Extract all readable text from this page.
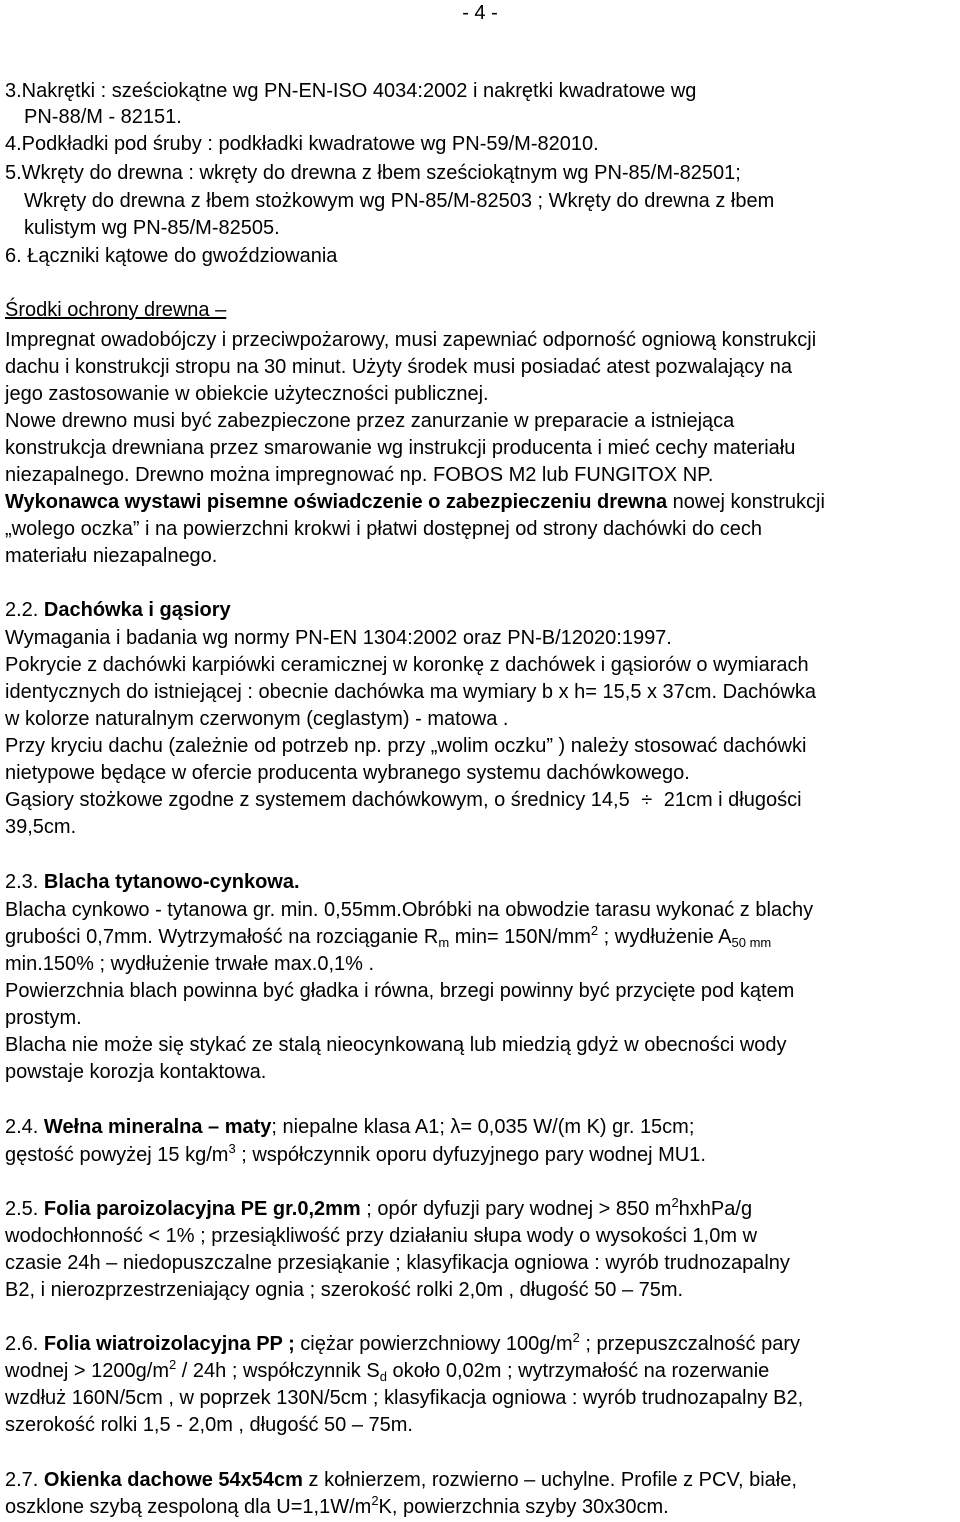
- 4 -
3.Nakrętki : sześciokątne wg PN-EN-ISO 4034:2002 i nakrętki kwadratowe wg
PN-88/M - 82151.
4.Podkładki pod śruby : podkładki kwadratowe wg PN-59/M-82010.
5.Wkręty do drewna : wkręty do drewna z łbem sześciokątnym wg PN-85/M-82501;
Wkręty do drewna z łbem stożkowym wg PN-85/M-82503 ; Wkręty do drewna z łbem
kulistym wg PN-85/M-82505.
6. Łączniki kątowe do gwoździowania
Środki ochrony drewna –
Impregnat owadobójczy i przeciwpożarowy, musi zapewniać odporność ogniową konstrukcji
dachu i konstrukcji stropu na 30 minut. Użyty środek musi posiadać atest pozwalający na
jego zastosowanie w obiekcie użyteczności publicznej.
Nowe drewno musi być zabezpieczone przez zanurzanie w preparacie a istniejąca
konstrukcja drewniana przez smarowanie wg instrukcji producenta i mieć cechy materiału
niezapalnego. Drewno można impregnować np. FOBOS M2 lub FUNGITOX NP.
Wykonawca wystawi pisemne oświadczenie o zabezpieczeniu drewna nowej konstrukcji
„wolego oczka” i na powierzchni krokwi i płatwi dostępnej od strony dachówki do cech
materiału niezapalnego.
2.2. Dachówka i gąsiory
Wymagania i badania wg normy PN-EN 1304:2002 oraz PN-B/12020:1997.
Pokrycie z dachówki karpiówki ceramicznej w koronkę z dachówek i gąsiorów o wymiarach
identycznych do istniejącej : obecnie dachówka ma wymiary b x h= 15,5 x 37cm. Dachówka
w kolorze naturalnym czerwonym (ceglastym) - matowa .
Przy kryciu dachu (zależnie od potrzeb np. przy „wolim oczku” ) należy stosować dachówki
nietypowe będące w ofercie producenta wybranego systemu dachówkowego.
Gąsiory stożkowe zgodne z systemem dachówkowym, o średnicy 14,5 ÷ 21cm i długości
39,5cm.
2.3. Blacha tytanowo-cynkowa.
Blacha cynkowo - tytanowa gr. min. 0,55mm.Obróbki na obwodzie tarasu wykonać z blachy
grubości 0,7mm. Wytrzymałość na rozciąganie $R_m$ $\min= 150N/mm^2$ ; wydłużenie $A_{50 mm}$
min.150% ; wydłużenie trwałe max.0,1% .
Powierzchnia blach powinna być gładka i równa, brzegi powinny być przycięte pod kątem
prostym.
Blacha nie może się stykać ze stalą nieocynkowaną lub miedzią gdyż w obecności wody
powstaje korozja kontaktowa.
2.4. Wełna mineralna – maty; niepalne klasa A1; λ= 0,035 W/(m K) gr. 15cm;
gęstość powyżej 15 $kg/m^3$ ; współczynnik oporu dyfuzyjnego pary wodnej MU1.
2.5. Folia paroizolacyjna PE gr.0,2mm ; opór dyfuzji pary wodnej > 850 $m^2hxhPa/g$
wodochłonność < 1% ; przesiąkliwość przy działaniu słupa wody o wysokości 1,0m w
czasie 24h – niedopuszczalne przesiąkanie ; klasyfikacja ogniowa : wyrób trudnozapalny
B2, i nierozprzestrzeniający ognia ; szerokość rolki 2,0m , długość 50 – 75m.
2.6. Folia wiatroizolacyjna PP ; ciężar powierzchniowy $100g/m^2$ ; przepuszczalność pary
wodnej > $1200g/m^2 / 24h$ ; współczynnik $S_d$ około 0,02m ; wytrzymałość na rozerwanie
wzdłuż 160N/5cm , w poprzek 130N/5cm ; klasyfikacja ogniowa : wyrób trudnozapalny B2,
szerokość rolki 1,5 - 2,0m , długość 50 – 75m.
2.7. Okienka dachowe 54x54cm z kołnierzem, rozwierno – uchylne. Profile z PCV, białe,
oszklone szybą zespoloną dla $U=1,1W/m^2K$, powierzchnia szyby 30x30cm.
